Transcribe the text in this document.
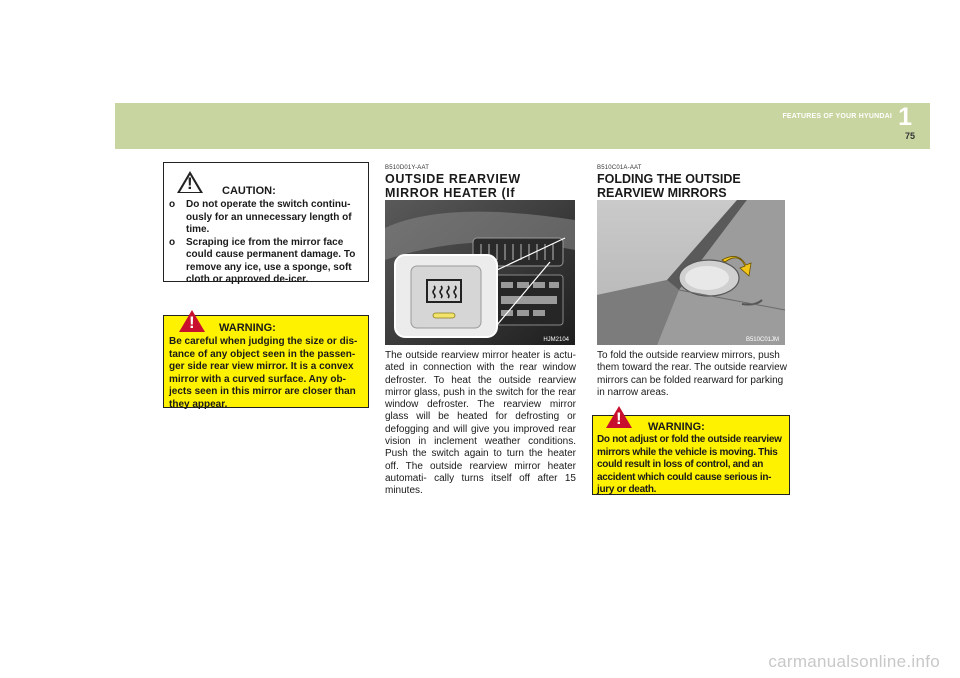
FEATURES OF YOUR HYUNDAI 1
75
!	CAUTION:
o Do not operate the switch continu- ously for an unnecessary length of time.
o Scraping ice from the mirror face could cause permanent damage. To remove any ice, use a sponge, soft cloth or approved de-icer.
! WARNING:

Be careful when judging the size or dis- tance of any object seen in the passen- ger side rear view mirror. It is a convex mirror with a curved surface. Any ob- jects seen in this mirror are closer than they appear.

B510D01Y-AAT
OUTSIDE REARVIEW MIRROR HEATER (If
HJM2104

The outside rearview mirror heater is actu- ated in connection with the rear window defroster. To heat the outside rearview mirror glass, push in the switch for the rear window defroster. The rearview mirror glass will be heated for defrosting or defogging and will give you improved rear vision in inclement weather conditions. Push the switch again to turn the heater off. The outside rearview mirror heater automati- cally turns itself off after 15 minutes.

B510C01A-AAT
FOLDING THE OUTSIDE REARVIEW MIRRORS
B510C01JM

To fold the outside rearview mirrors, push them toward the rear. The outside rearview mirrors can be folded rearward for parking in narrow areas.

! WARNING:

Do not adjust or fold the outside rearview mirrors while the vehicle is moving. This could result in loss of control, and an accident which could cause serious in- jury or death.

carmanualsonline.info
